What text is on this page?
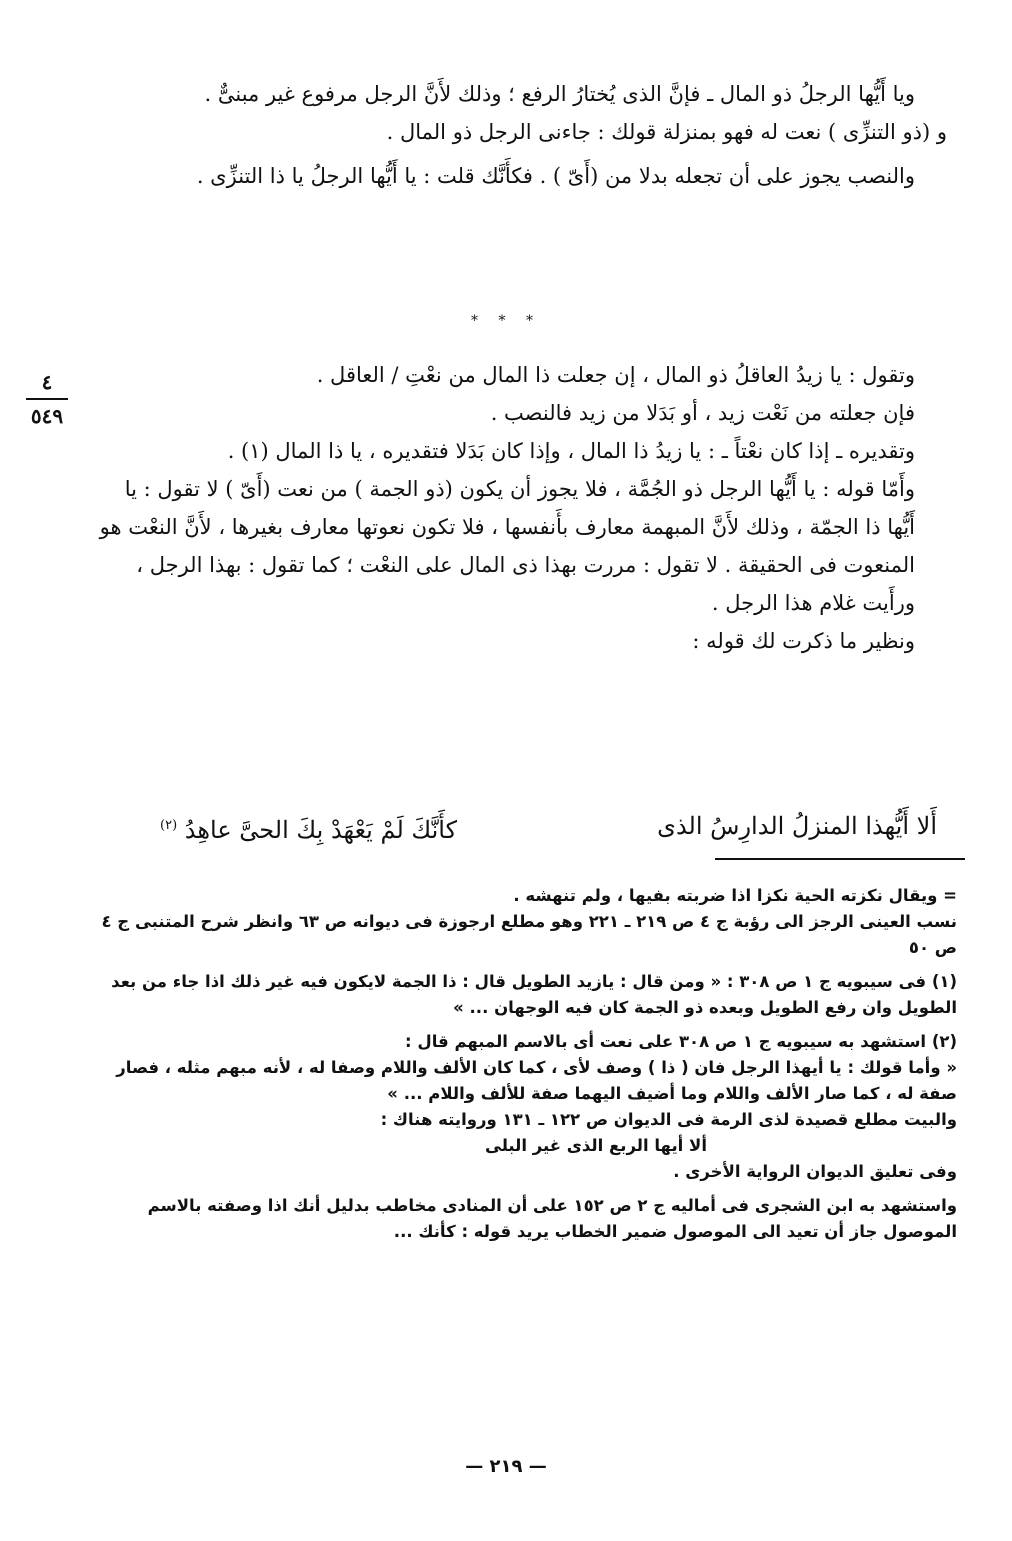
ويا أَيُّها الرجلُ ذو المال ـ فإنَّ الذى يُختارُ الرفع ؛ وذلك لأَنَّ الرجل مرفوع غير مبنىٌّ .

و (ذو التنزِّى ) نعت له فهو بمنزلة قولك : جاءنى الرجل ذو المال .

والنصب يجوز على أن تجعله بدلا من (أَىّ ) . فكأَنَّك قلت : يا أَيُّها الرجلُ يا ذا التنزِّى .

* * *
٤
٥٤٩

وتقول : يا زيدُ العاقلُ ذو المال ، إن جعلت ذا المال من نعْتِ / العاقل .

فإن جعلته من نَعْت زيد ، أو بَدَلا من زيد فالنصب .

وتقديره ـ إذا كان نعْتاً ـ : يا زيدُ ذا المال ، وإذا كان بَدَلا فتقديره ، يا ذا المال (١) .

وأَمّا قوله : يا أَيُّها الرجل ذو الجُمَّة ، فلا يجوز أن يكون (ذو الجمة ) من نعت (أَىّ ) لا تقول : يا أَيُّها ذا الجمّة ، وذلك لأَنَّ المبهمة معارف بأَنفسها ، فلا تكون نعوتها معارف بغيرها ، لأَنَّ النعْت هو المنعوت فى الحقيقة . لا تقول : مررت بهذا ذى المال على النعْت ؛ كما تقول : بهذا الرجل ، ورأَيت غلام هذا الرجل .

ونظير ما ذكرت لك قوله :

أَلا أَيُّهذا المنزلُ الدارِسُ الذى
كأَنَّكَ لَمْ يَعْهَدْ بِكَ الحىَّ عاهِدُ $^{(٢)}$

= ويقال نكزته الحية نكزا اذا ضربته بفيها ، ولم تنهشه .

نسب العينى الرجز الى رؤبة ج ٤ ص ٢١٩ ـ ٢٢١ وهو مطلع ارجوزة فى ديوانه ص ٦٣ وانظر شرح المتنبى ج ٤ ص ٥٠

(١) فى سيبويه ج ١ ص ٣٠٨ : « ومن قال : يازيد الطويل قال : ذا الجمة لايكون فيه غير ذلك اذا جاء من بعد الطويل وان رفع الطويل وبعده ذو الجمة كان فيه الوجهان ... »

(٢) استشهد به سيبويه ج ١ ص ٣٠٨ على نعت أى بالاسم المبهم قال :

« وأما قولك : يا أيهذا الرجل فان ( ذا ) وصف لأى ، كما كان الألف واللام وصفا له ، لأنه مبهم مثله ، فصار صفة له ، كما صار الألف واللام وما أضيف اليهما صفة للألف واللام ... »

والبيت مطلع قصيدة لذى الرمة فى الديوان ص ١٢٢ ـ ١٣١ وروايته هناك :

ألا أيها الربع الذى غير البلى

وفى تعليق الديوان الرواية الأخرى .

واستشهد به ابن الشجرى فى أماليه ج ٢ ص ١٥٢ على أن المنادى مخاطب بدليل أنك اذا وصفته بالاسم الموصول جاز أن تعيد الى الموصول ضمير الخطاب يريد قوله : كأنك ...

— ٢١٩ —
